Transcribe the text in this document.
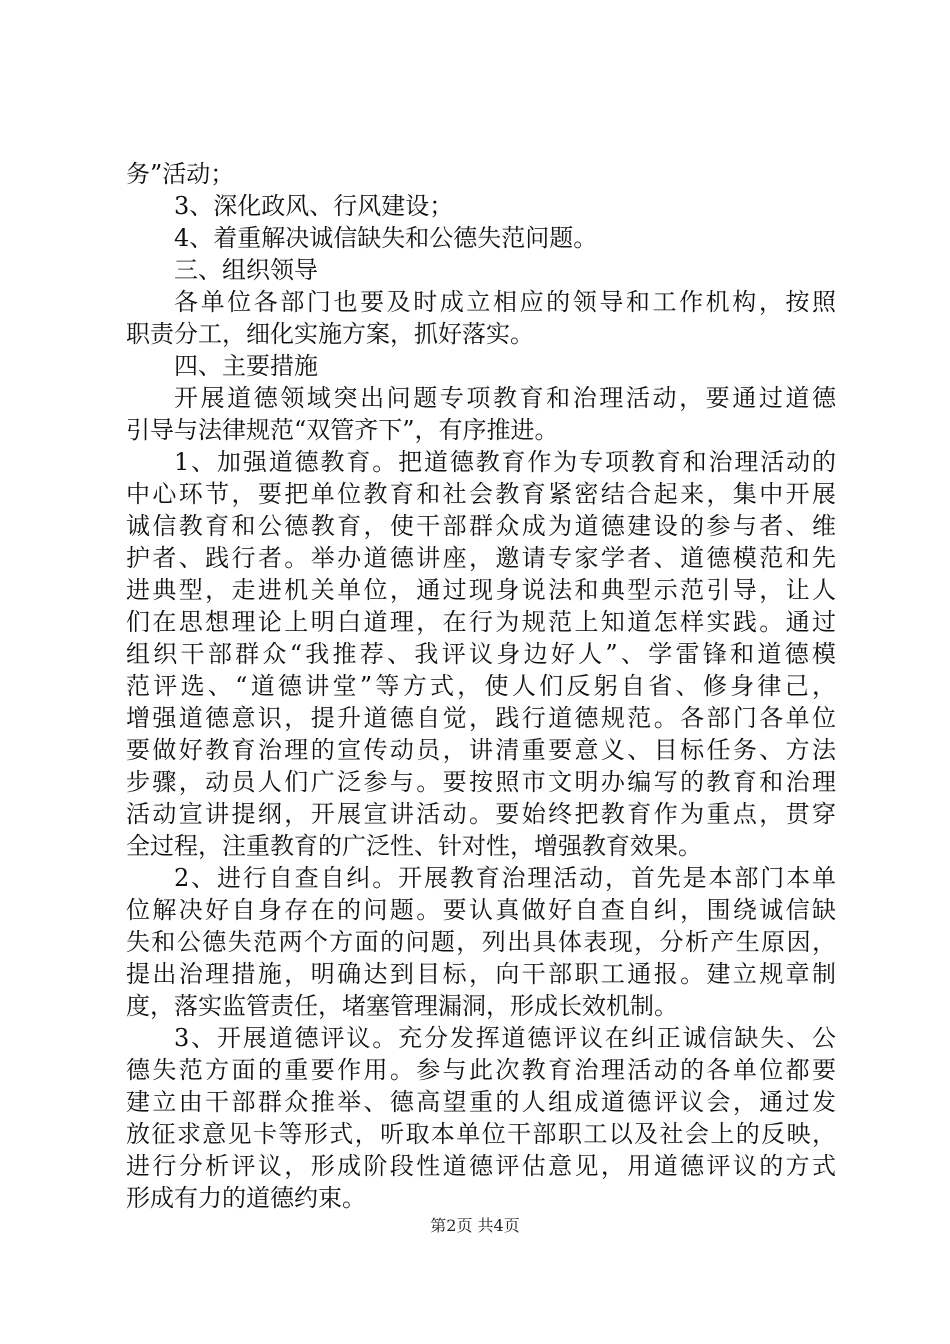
务”活动；
3、深化政风、行风建设；
4、着重解决诚信缺失和公德失范问题。
三、组织领导
各单位各部门也要及时成立相应的领导和工作机构，按照
职责分工，细化实施方案，抓好落实。
四、主要措施
开展道德领域突出问题专项教育和治理活动，要通过道德
引导与法律规范“双管齐下”，有序推进。
1、加强道德教育。把道德教育作为专项教育和治理活动的
中心环节，要把单位教育和社会教育紧密结合起来，集中开展
诚信教育和公德教育，使干部群众成为道德建设的参与者、维
护者、践行者。举办道德讲座，邀请专家学者、道德模范和先
进典型，走进机关单位，通过现身说法和典型示范引导，让人
们在思想理论上明白道理，在行为规范上知道怎样实践。通过
组织干部群众“我推荐、我评议身边好人”、学雷锋和道德模
范评选、“道德讲堂”等方式，使人们反躬自省、修身律己，
增强道德意识，提升道德自觉，践行道德规范。各部门各单位
要做好教育治理的宣传动员，讲清重要意义、目标任务、方法
步骤，动员人们广泛参与。要按照市文明办编写的教育和治理
活动宣讲提纲，开展宣讲活动。要始终把教育作为重点，贯穿
全过程，注重教育的广泛性、针对性，增强教育效果。
2、进行自查自纠。开展教育治理活动，首先是本部门本单
位解决好自身存在的问题。要认真做好自查自纠，围绕诚信缺
失和公德失范两个方面的问题，列出具体表现，分析产生原因，
提出治理措施，明确达到目标，向干部职工通报。建立规章制
度，落实监管责任，堵塞管理漏洞，形成长效机制。
3、开展道德评议。充分发挥道德评议在纠正诚信缺失、公
德失范方面的重要作用。参与此次教育治理活动的各单位都要
建立由干部群众推举、德高望重的人组成道德评议会，通过发
放征求意见卡等形式，听取本单位干部职工以及社会上的反映，
进行分析评议，形成阶段性道德评估意见，用道德评议的方式
形成有力的道德约束。
第2页 共4页
